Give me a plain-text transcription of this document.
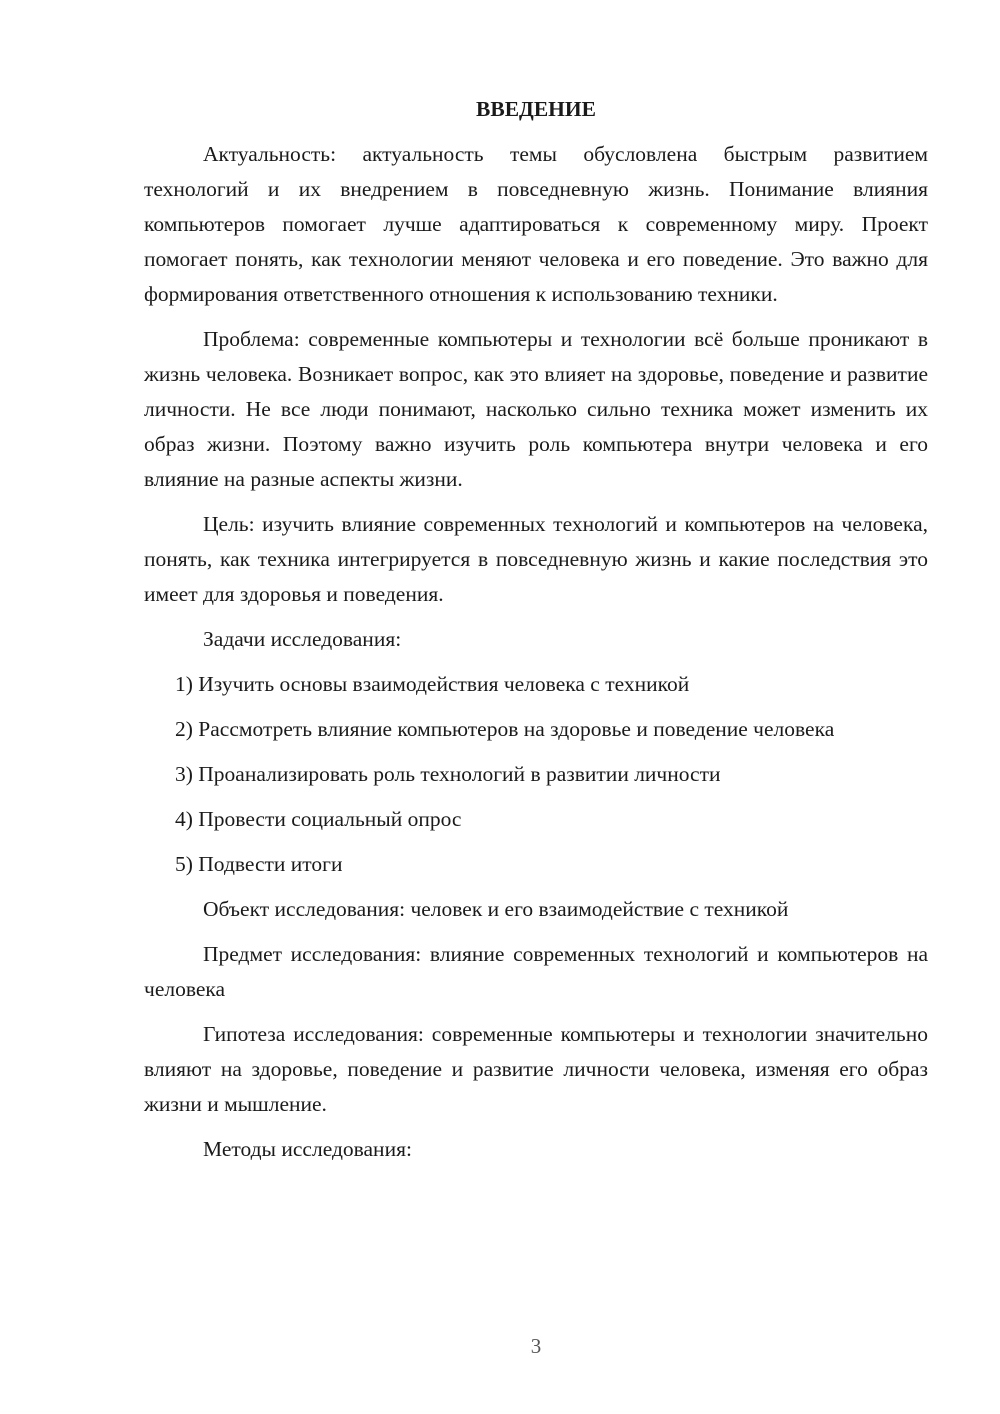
ВВЕДЕНИЕ

Актуальность: актуальность темы обусловлена быстрым развитием технологий и их внедрением в повседневную жизнь. Понимание влияния компьютеров помогает лучше адаптироваться к современному миру. Проект помогает понять, как технологии меняют человека и его поведение. Это важно для формирования ответственного отношения к использованию техники.

Проблема: современные компьютеры и технологии всё больше проникают в жизнь человека. Возникает вопрос, как это влияет на здоровье, поведение и развитие личности. Не все люди понимают, насколько сильно техника может изменить их образ жизни. Поэтому важно изучить роль компьютера внутри человека и его влияние на разные аспекты жизни.

Цель: изучить влияние современных технологий и компьютеров на человека, понять, как техника интегрируется в повседневную жизнь и какие последствия это имеет для здоровья и поведения.

Задачи исследования:

1) Изучить основы взаимодействия человека с техникой

2) Рассмотреть влияние компьютеров на здоровье и поведение человека

3) Проанализировать роль технологий в развитии личности

4) Провести социальный опрос

5) Подвести итоги

Объект исследования: человек и его взаимодействие с техникой

Предмет исследования: влияние современных технологий и компьютеров на человека

Гипотеза исследования: современные компьютеры и технологии значительно влияют на здоровье, поведение и развитие личности человека, изменяя его образ жизни и мышление.

Методы исследования:

3
